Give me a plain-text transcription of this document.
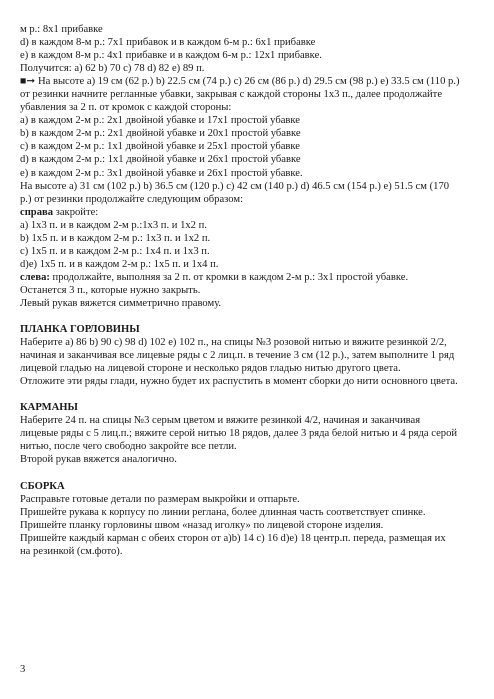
м р.: 8х1 прибавке

d) в каждом 8-м р.: 7х1 прибавок и в каждом 6-м р.: 6х1 прибавке

e) в каждом 8-м р.: 4х1 прибавке и в каждом 6-м р.: 12х1 прибавке.

Получится: a) 62 b) 70 c) 78 d) 82 e) 89 п.

■➞ На высоте a) 19 см (62 р.) b) 22.5 см (74 р.) c) 26 см (86 р.) d) 29.5 см (98 р.) e) 33.5 см (110 р.)

от резинки начните регланные убавки, закрывая с каждой стороны 1х3 п., далее продолжайте

убавления за 2 п. от кромок с каждой стороны:

a) в каждом 2-м р.: 2х1 двойной убавке и 17х1 простой убавке

b) в каждом 2-м р.: 2х1 двойной убавке и 20х1 простой убавке

c) в каждом 2-м р.: 1х1 двойной убавке и 25х1 простой убавке

d) в каждом 2-м р.: 1х1 двойной убавке и 26х1 простой убавке

e) в каждом 2-м р.: 3х1 двойной убавке и 26х1 простой убавке.

На высоте a) 31 см (102 р.) b) 36.5 см (120 р.) c) 42 см (140 р.) d) 46.5 см (154 р.) e) 51.5 см (170

р.) от резинки продолжайте следующим образом:

справа закройте:

a) 1х3 п. и в каждом 2-м р.:1х3 п. и 1х2 п.

b) 1х5 п. и в каждом 2-м р.: 1х3 п. и 1х2 п.

c) 1х5 п. и в каждом 2-м р.: 1х4 п. и 1х3 п.

d)e) 1х5 п. и в каждом 2-м р.: 1х5 п. и 1х4 п.

слева: продолжайте, выполняя за 2 п. от кромки в каждом 2-м р.: 3х1 простой убавке.

Останется 3 п., которые нужно закрыть.

Левый рукав вяжется симметрично правому.

ПЛАНКА ГОРЛОВИНЫ

Наберите a) 86 b) 90 c) 98 d) 102 e) 102 п., на спицы №3 розовой нитью и вяжите резинкой 2/2,

начиная и заканчивая все лицевые ряды с 2 лиц.п. в течение 3 см (12 р.)., затем выполните 1 ряд

лицевой гладью на лицевой стороне и несколько рядов гладью нитью другого цвета.

Отложите эти ряды глади, нужно будет их распустить в момент сборки до нити основного цвета.

КАРМАНЫ

Наберите 24 п. на спицы №3 серым цветом и вяжите резинкой 4/2, начиная и заканчивая

лицевые ряды с 5 лиц.п.; вяжите серой нитью 18 рядов, далее 3 ряда белой нитью и 4 ряда серой

нитью, после чего свободно закройте все петли.

Второй рукав вяжется аналогично.

СБОРКА

Расправьте готовые детали по размерам выкройки и отпарьте.

Пришейте рукава к корпусу по линии реглана, более длинная часть соответствует спинке.

Пришейте планку горловины швом «назад иголку» по лицевой стороне изделия.

Пришейте каждый карман с обеих сторон от a)b) 14 c) 16 d)e) 18 центр.п. переда, размещая их

на резинкой (см.фото).

3
